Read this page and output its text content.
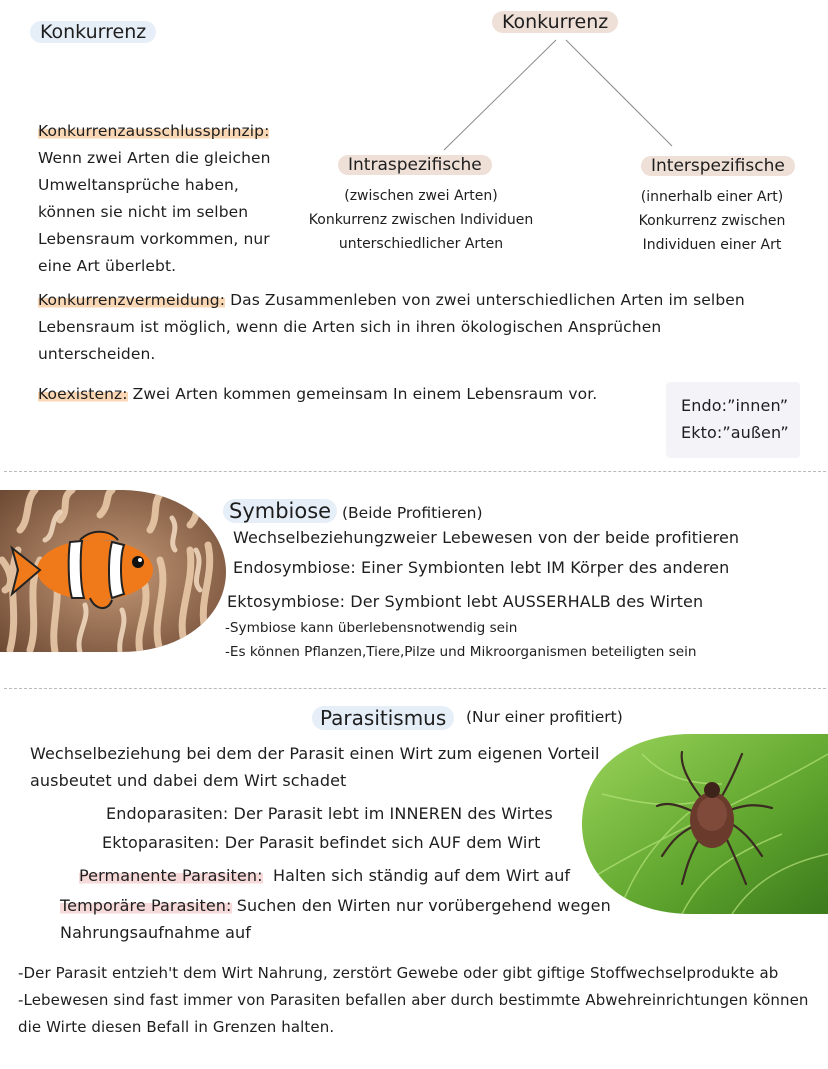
Konkurrenz	Konkurrenz
Intraspezifische
(zwischen zwei Arten)
Konkurrenz zwischen Individuen
unterschiedlicher Arten
Interspezifische
(innerhalb einer Art)
Konkurrenz zwischen
Individuen einer Art
Konkurrenzausschlussprinzip:
Wenn zwei Arten die gleichen
Umweltansprüche haben,
können sie nicht im selben
Lebensraum vorkommen, nur
eine Art überlebt.
Konkurrenzvermeidung: Das Zusammenleben von zwei unterschiedlichen Arten im selben
Lebensraum ist möglich, wenn die Arten sich in ihren ökologischen Ansprüchen
unterscheiden.
Koexistenz: Zwei Arten kommen gemeinsam In einem Lebensraum vor.
Endo:”innen”
Ekto:”außen”
Symbiose (Beide Profitieren)
Wechselbeziehungzweier Lebewesen von der beide profitieren
Endosymbiose: Einer Symbionten lebt IM Körper des anderen
Ektosymbiose: Der Symbiont lebt AUSSERHALB des Wirten
-Symbiose kann überlebensnotwendig sein
-Es können Pflanzen,Tiere,Pilze und Mikroorganismen beteiligten sein
Parasitismus	(Nur einer profitiert)
Wechselbeziehung bei dem der Parasit einen Wirt zum eigenen Vorteil
ausbeutet und dabei dem Wirt schadet
Endoparasiten: Der Parasit lebt im INNEREN des Wirtes
Ektoparasiten: Der Parasit befindet sich AUF dem Wirt
Permanente Parasiten: Halten sich ständig auf dem Wirt auf
Temporäre Parasiten: Suchen den Wirten nur vorübergehend wegen
Nahrungsaufnahme auf
-Der Parasit entzieh't dem Wirt Nahrung, zerstört Gewebe oder gibt giftige Stoffwechselprodukte ab
-Lebewesen sind fast immer von Parasiten befallen aber durch bestimmte Abwehreinrichtungen können
die Wirte diesen Befall in Grenzen halten.
